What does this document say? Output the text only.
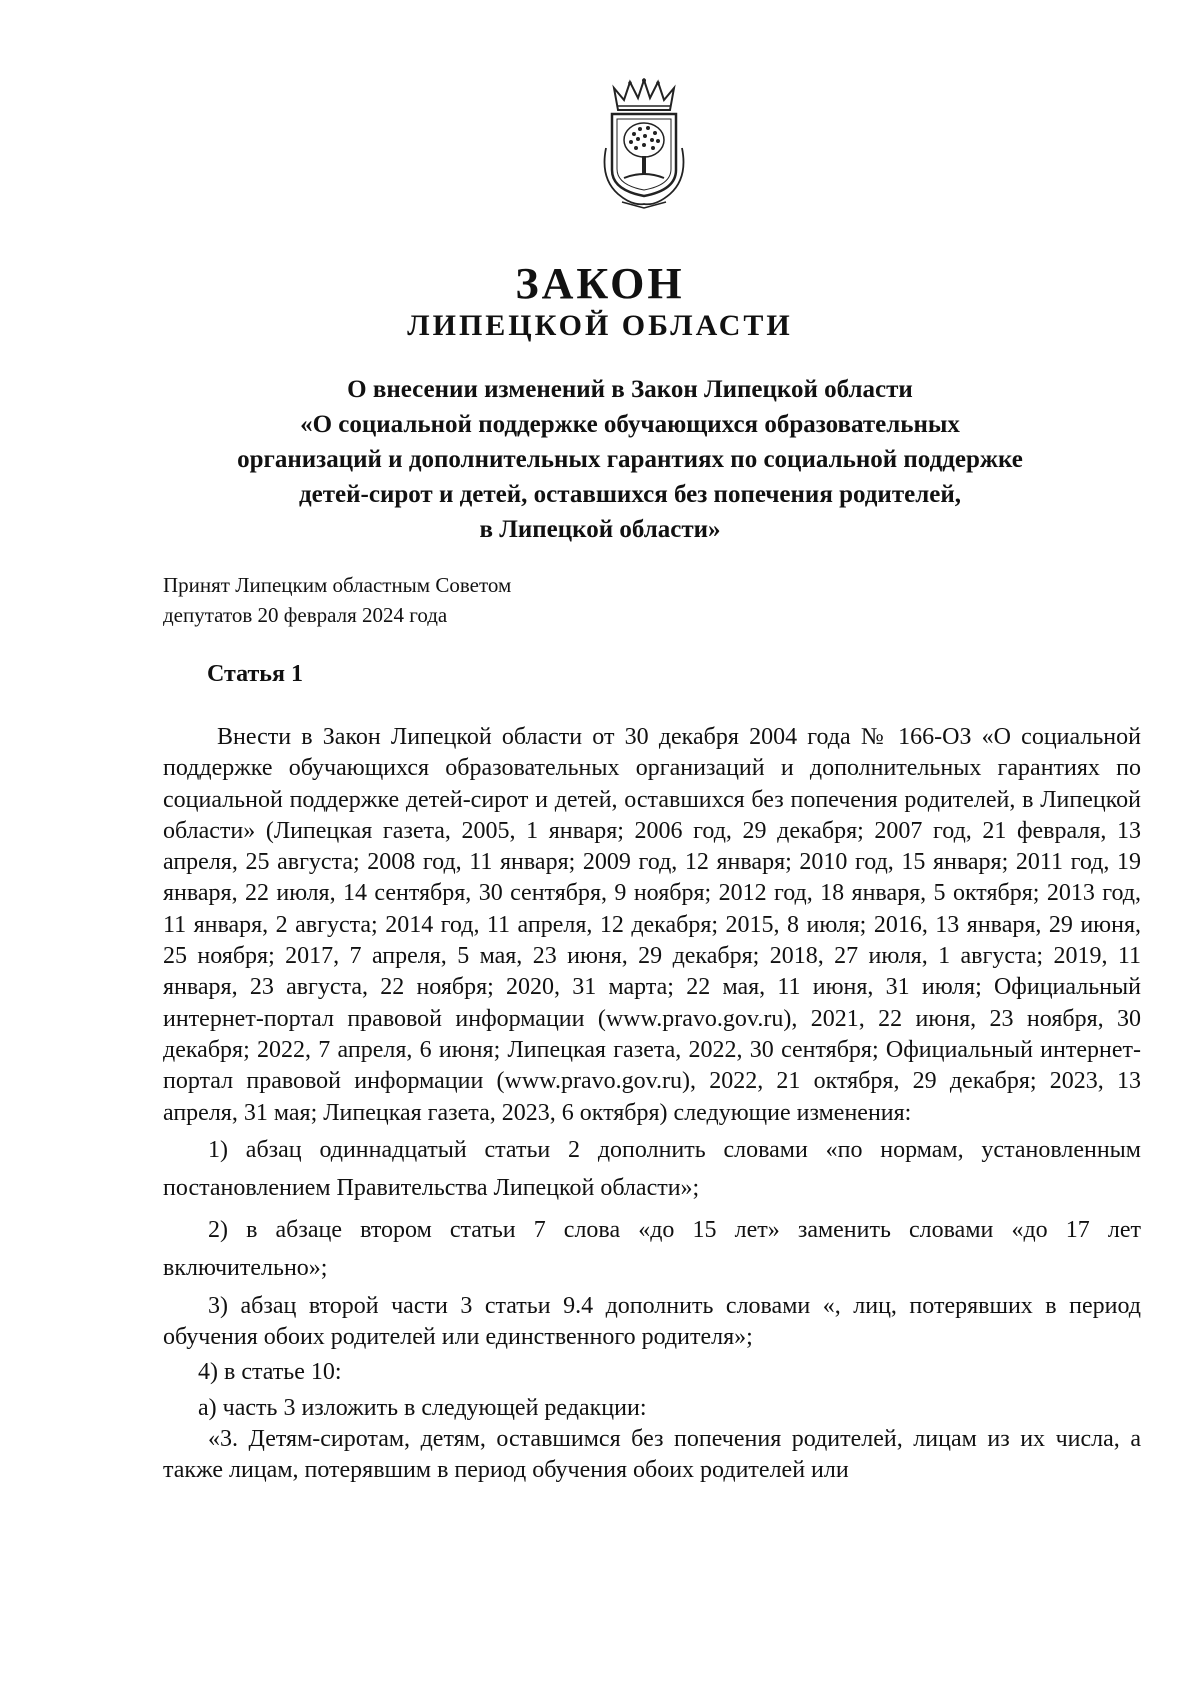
ЗАКОН
ЛИПЕЦКОЙ ОБЛАСТИ
О внесении изменений в Закон Липецкой области
«О социальной поддержке обучающихся образовательных
организаций и дополнительных гарантиях по социальной поддержке
детей-сирот и детей, оставшихся без попечения родителей,
в Липецкой области»
Принят Липецким областным Советом
депутатов 20 февраля 2024 года
Статья 1

Внести в Закон Липецкой области от 30 декабря 2004 года № 166-ОЗ «О социальной поддержке обучающихся образовательных организаций и дополнительных гарантиях по социальной поддержке детей-сирот и детей, оставшихся без попечения родителей, в Липецкой области» (Липецкая газета, 2005, 1 января; 2006 год, 29 декабря; 2007 год, 21 февраля, 13 апреля, 25 августа; 2008 год, 11 января; 2009 год, 12 января; 2010 год, 15 января; 2011 год, 19 января, 22 июля, 14 сентября, 30 сентября, 9 ноября; 2012 год, 18 января, 5 октября; 2013 год, 11 января, 2 августа; 2014 год, 11 апреля, 12 декабря; 2015, 8 июля; 2016, 13 января, 29 июня, 25 ноября; 2017, 7 апреля, 5 мая, 23 июня, 29 декабря; 2018, 27 июля, 1 августа; 2019, 11 января, 23 августа, 22 ноября; 2020, 31 марта; 22 мая, 11 июня, 31 июля; Официальный интернет-портал правовой информации (www.pravo.gov.ru), 2021, 22 июня, 23 ноября, 30 декабря; 2022, 7 апреля, 6 июня; Липецкая газета, 2022, 30 сентября; Официальный интернет-портал правовой информации (www.pravo.gov.ru), 2022, 21 октября, 29 декабря; 2023, 13 апреля, 31 мая; Липецкая газета, 2023, 6 октября) следующие изменения:

1) абзац одиннадцатый статьи 2 дополнить словами «по нормам, установленным постановлением Правительства Липецкой области»;

2) в абзаце втором статьи 7 слова «до 15 лет» заменить словами «до 17 лет включительно»;

3) абзац второй части 3 статьи 9.4 дополнить словами «, лиц, потерявших в период обучения обоих родителей или единственного родителя»;

4) в статье 10:

а) часть 3 изложить в следующей редакции:

«3. Детям-сиротам, детям, оставшимся без попечения родителей, лицам из их числа, а также лицам, потерявшим в период обучения обоих родителей или
